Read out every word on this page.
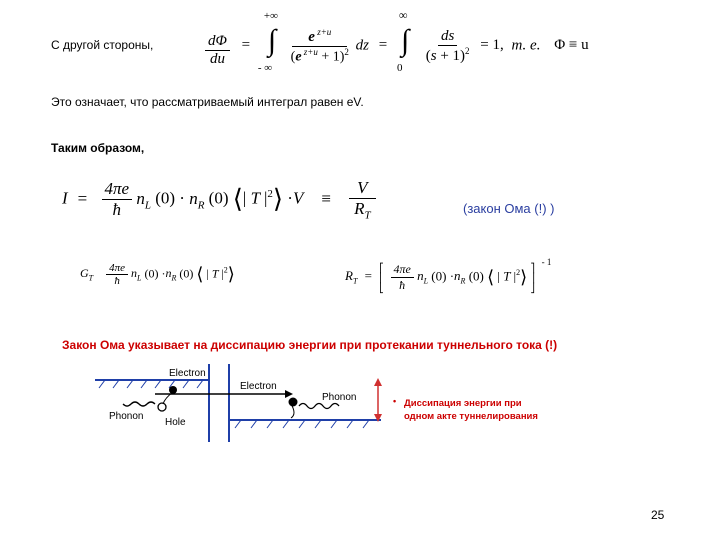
С другой стороны,	$\frac{d\Phi}{du}$ =
+∞
∫
- ∞

$\frac{e ^{z+u}}{(e ^{z+u} + 1)^2}$ dz =
∞
∫
0

$\frac{ds}{(s + 1)^2} = 1$, т. е. Φ ≡ u
Это означает, что рассматриваемый интеграл равен eV.
Таким образом,
$I = \frac{4\pi e}{ħ} n_L$ $(0) \cdot n_R$ (0) ⟨| T $|^2⟩ \cdot V \equiv \frac{V}{R_T}$	(закон Ома (!) )
$G_T \frac{4\pi e}{ħ} n_L$ $(0) \cdot n_R$ (0) ⟨ | T $|^2⟩$	$R_T$ = ⎡
⎢
⎣ $\frac{4\pi e}{ħ} n_L$ $(0) \cdot n_R$ (0) ⟨ | T $|^2⟩$ ⎤
⎥
⎦ $^{- 1}$
Закон Ома указывает на диссипацию энергии при протекании туннельного тока (!)
Electron
Electron
Phonon
Phonon
Hole
• Диссипация энергии при
одном акте туннелирования
25
